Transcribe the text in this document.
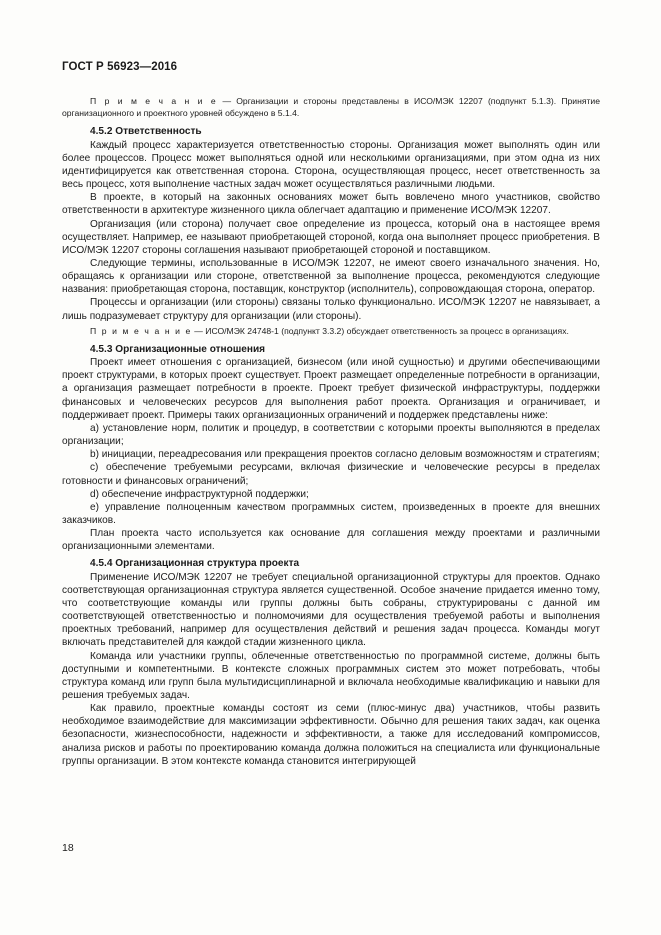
ГОСТ Р 56923—2016

П р и м е ч а н и е — Организации и стороны представлены в ИСО/МЭК 12207 (подпункт 5.1.3). Принятие организационного и проектного уровней обсуждено в 5.1.4.

4.5.2 Ответственность

Каждый процесс характеризуется ответственностью стороны. Организация может выполнять один или более процессов. Процесс может выполняться одной или несколькими организациями, при этом одна из них идентифицируется как ответственная сторона. Сторона, осуществляющая процесс, несет ответственность за весь процесс, хотя выполнение частных задач может осуществляться различными людьми.

В проекте, в который на законных основаниях может быть вовлечено много участников, свойство ответственности в архитектуре жизненного цикла облегчает адаптацию и применение ИСО/МЭК 12207.

Организация (или сторона) получает свое определение из процесса, который она в настоящее время осуществляет. Например, ее называют приобретающей стороной, когда она выполняет процесс приобретения. В ИСО/МЭК 12207 стороны соглашения называют приобретающей стороной и поставщиком.

Следующие термины, использованные в ИСО/МЭК 12207, не имеют своего изначального значения. Но, обращаясь к организации или стороне, ответственной за выполнение процесса, рекомендуются следующие названия: приобретающая сторона, поставщик, конструктор (исполнитель), сопровождающая сторона, оператор.

Процессы и организации (или стороны) связаны только функционально. ИСО/МЭК 12207 не навязывает, а лишь подразумевает структуру для организации (или стороны).

П р и м е ч а н и е — ИСО/МЭК 24748-1 (подпункт 3.3.2) обсуждает ответственность за процесс в организациях.

4.5.3 Организационные отношения

Проект имеет отношения с организацией, бизнесом (или иной сущностью) и другими обеспечивающими проект структурами, в которых проект существует. Проект размещает определенные потребности в организации, а организация размещает потребности в проекте. Проект требует физической инфраструктуры, поддержки финансовых и человеческих ресурсов для выполнения работ проекта. Организация и ограничивает, и поддерживает проект. Примеры таких организационных ограничений и поддержек представлены ниже:

a) установление норм, политик и процедур, в соответствии с которыми проекты выполняются в пределах организации;

b) инициации, переадресования или прекращения проектов согласно деловым возможностям и стратегиям;

c) обеспечение требуемыми ресурсами, включая физические и человеческие ресурсы в пределах готовности и финансовых ограничений;

d) обеспечение инфраструктурной поддержки;

e) управление полноценным качеством программных систем, произведенных в проекте для внешних заказчиков.

План проекта часто используется как основание для соглашения между проектами и различными организационными элементами.

4.5.4 Организационная структура проекта

Применение ИСО/МЭК 12207 не требует специальной организационной структуры для проектов. Однако соответствующая организационная структура является существенной. Особое значение придается именно тому, что соответствующие команды или группы должны быть собраны, структурированы с данной им соответствующей ответственностью и полномочиями для осуществления требуемой работы и выполнения проектных требований, например для осуществления действий и решения задач процесса. Команды могут включать представителей для каждой стадии жизненного цикла.

Команда или участники группы, облеченные ответственностью по программной системе, должны быть доступными и компетентными. В контексте сложных программных систем это может потребовать, чтобы структура команд или групп была мультидисциплинарной и включала необходимые квалификацию и навыки для решения требуемых задач.

Как правило, проектные команды состоят из семи (плюс-минус два) участников, чтобы развить необходимое взаимодействие для максимизации эффективности. Обычно для решения таких задач, как оценка безопасности, жизнеспособности, надежности и эффективности, а также для исследований компромиссов, анализа рисков и работы по проектированию команда должна положиться на специалиста или функциональные группы организации. В этом контексте команда становится интегрирующей

18
